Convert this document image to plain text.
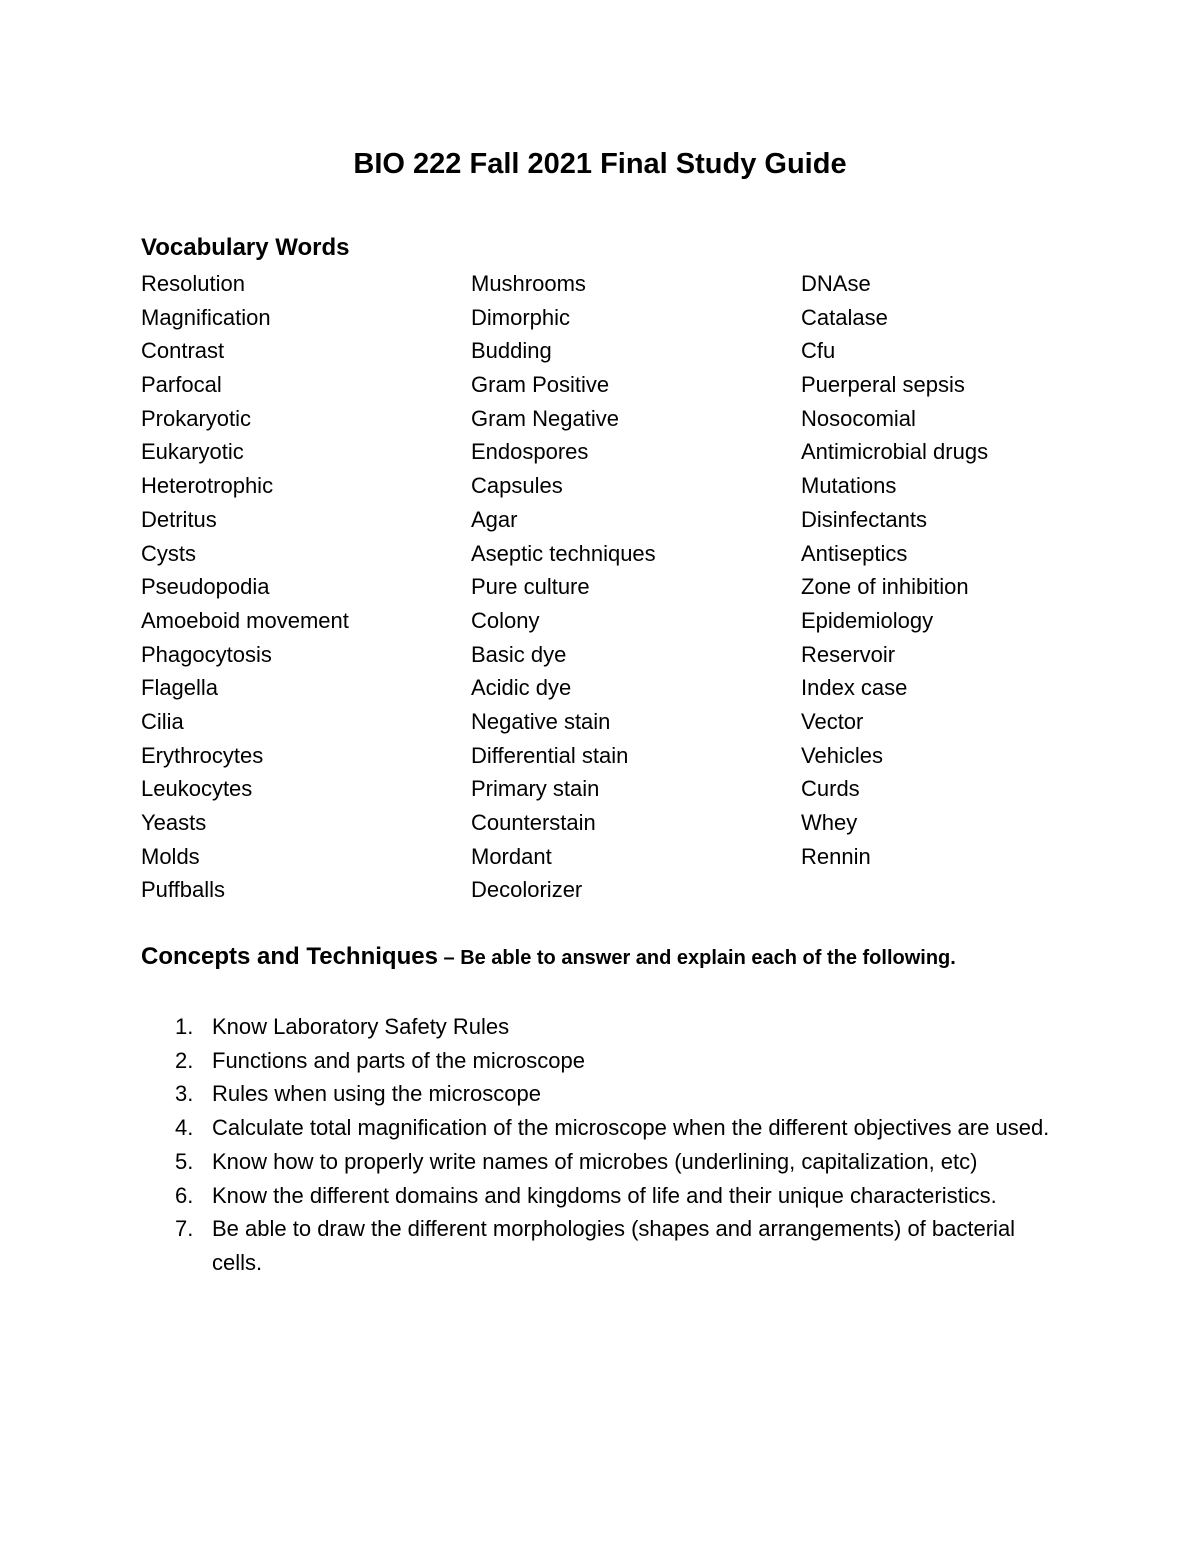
BIO 222 Fall 2021 Final Study Guide
Vocabulary Words
Resolution
Magnification
Contrast
Parfocal
Prokaryotic
Eukaryotic
Heterotrophic
Detritus
Cysts
Pseudopodia
Amoeboid movement
Phagocytosis
Flagella
Cilia
Erythrocytes
Leukocytes
Yeasts
Molds
Puffballs
Mushrooms
Dimorphic
Budding
Gram Positive
Gram Negative
Endospores
Capsules
Agar
Aseptic techniques
Pure culture
Colony
Basic dye
Acidic dye
Negative stain
Differential stain
Primary stain
Counterstain
Mordant
Decolorizer
DNAse
Catalase
Cfu
Puerperal sepsis
Nosocomial
Antimicrobial drugs
Mutations
Disinfectants
Antiseptics
Zone of inhibition
Epidemiology
Reservoir
Index case
Vector
Vehicles
Curds
Whey
Rennin
Concepts and Techniques – Be able to answer and explain each of the following.
1. Know Laboratory Safety Rules
2. Functions and parts of the microscope
3. Rules when using the microscope
4. Calculate total magnification of the microscope when the different objectives are used.
5. Know how to properly write names of microbes (underlining, capitalization, etc)
6. Know the different domains and kingdoms of life and their unique characteristics.
7. Be able to draw the different morphologies (shapes and arrangements) of bacterial cells.
